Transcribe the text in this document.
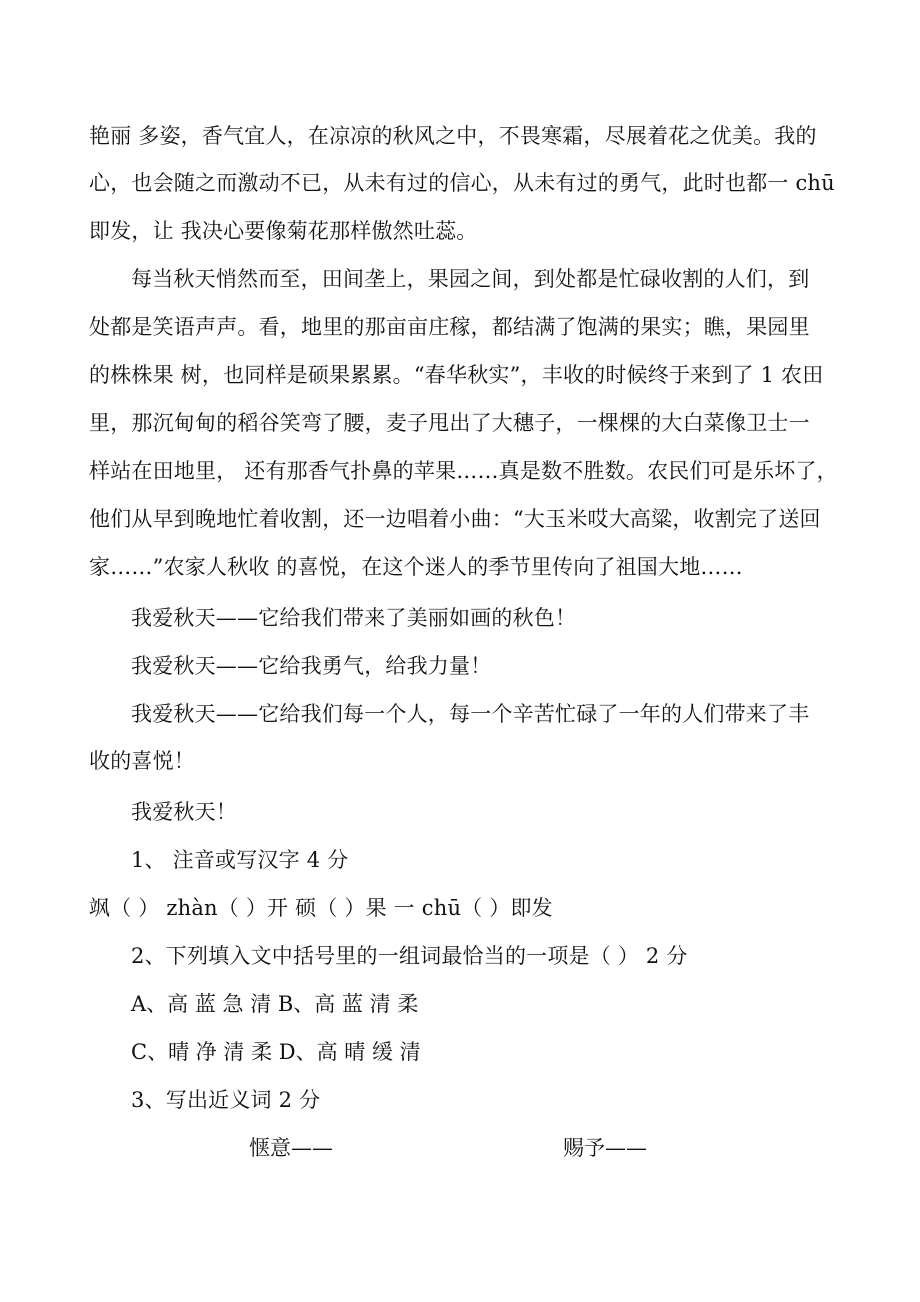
艳丽 多姿，香气宜人，在凉凉的秋风之中，不畏寒霜，尽展着花之优美。我的
心，也会随之而激动不已，从未有过的信心，从未有过的勇气，此时也都一 chū
即发，让 我决心要像菊花那样傲然吐蕊。
每当秋天悄然而至，田间垄上，果园之间，到处都是忙碌收割的人们，到
处都是笑语声声。看，地里的那亩亩庄稼，都结满了饱满的果实；瞧，果园里
的株株果 树，也同样是硕果累累。“春华秋实”，丰收的时候终于来到了 1 农田
里，那沉甸甸的稻谷笑弯了腰，麦子甩出了大穗子，一棵棵的大白菜像卫士一
样站在田地里， 还有那香气扑鼻的苹果……真是数不胜数。农民们可是乐坏了，
他们从早到晚地忙着收割，还一边唱着小曲：“大玉米哎大高粱，收割完了送回
家……”农家人秋收 的喜悦，在这个迷人的季节里传向了祖国大地……
我爱秋天——它给我们带来了美丽如画的秋色！
我爱秋天——它给我勇气，给我力量！
我爱秋天——它给我们每一个人，每一个辛苦忙碌了一年的人们带来了丰
收的喜悦！
我爱秋天！
1、 注音或写汉字 4 分
飒（ ） zhàn（ ）开 硕（ ）果 一 chū（ ）即发
2、下列填入文中括号里的一组词最恰当的一项是（ ） 2 分
A、高 蓝 急 清 B、高 蓝 清 柔
C、晴 净 清 柔 D、高 晴 缓 清
3、写出近义词 2 分
惬意——	赐予——
